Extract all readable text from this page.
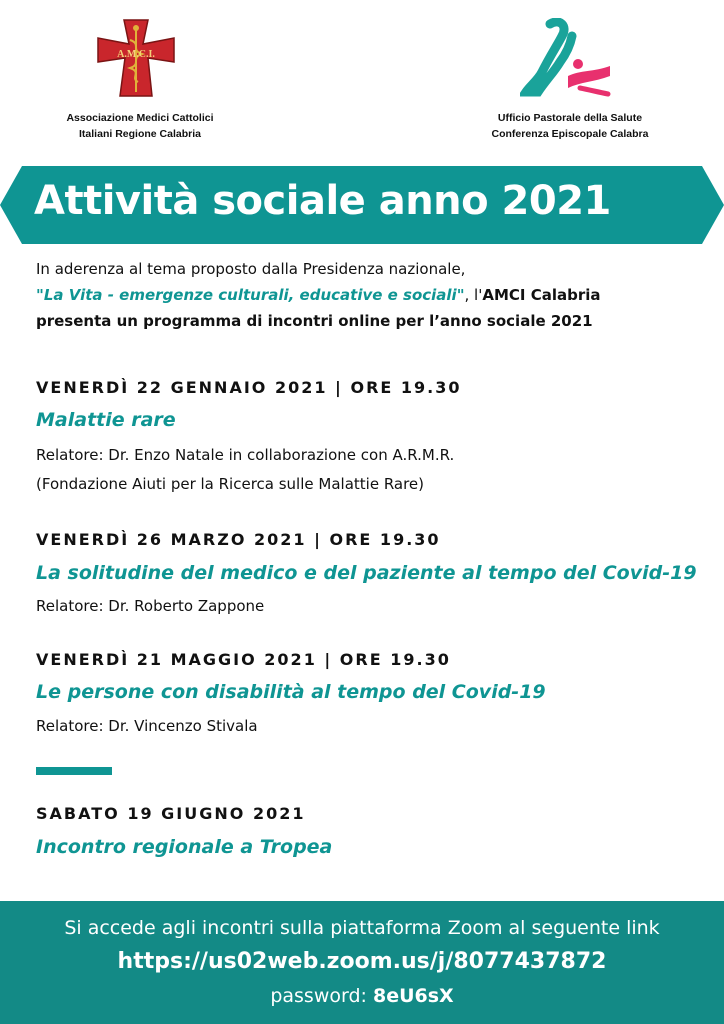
A.M.C.I.
Associazione Medici Cattolici
Italiani Regione Calabria
Ufficio Pastorale della Salute
Conferenza Episcopale Calabra
Attività sociale anno 2021
In aderenza al tema proposto dalla Presidenza nazionale,
"La Vita - emergenze culturali, educative e sociali", l'AMCI Calabria
presenta un programma di incontri online per l’anno sociale 2021
VENERDÌ 22 GENNAIO 2021 | ORE 19.30
Malattie rare
Relatore: Dr. Enzo Natale in collaborazione con A.R.M.R.
(Fondazione Aiuti per la Ricerca sulle Malattie Rare)
VENERDÌ 26 MARZO 2021 | ORE 19.30
La solitudine del medico e del paziente al tempo del Covid-19
Relatore: Dr. Roberto Zappone
VENERDÌ 21 MAGGIO 2021 | ORE 19.30
Le persone con disabilità al tempo del Covid-19
Relatore: Dr. Vincenzo Stivala
SABATO 19 GIUGNO 2021
Incontro regionale a Tropea
Si accede agli incontri sulla piattaforma Zoom al seguente link
https://us02web.zoom.us/j/8077437872
password: 8eU6sX
